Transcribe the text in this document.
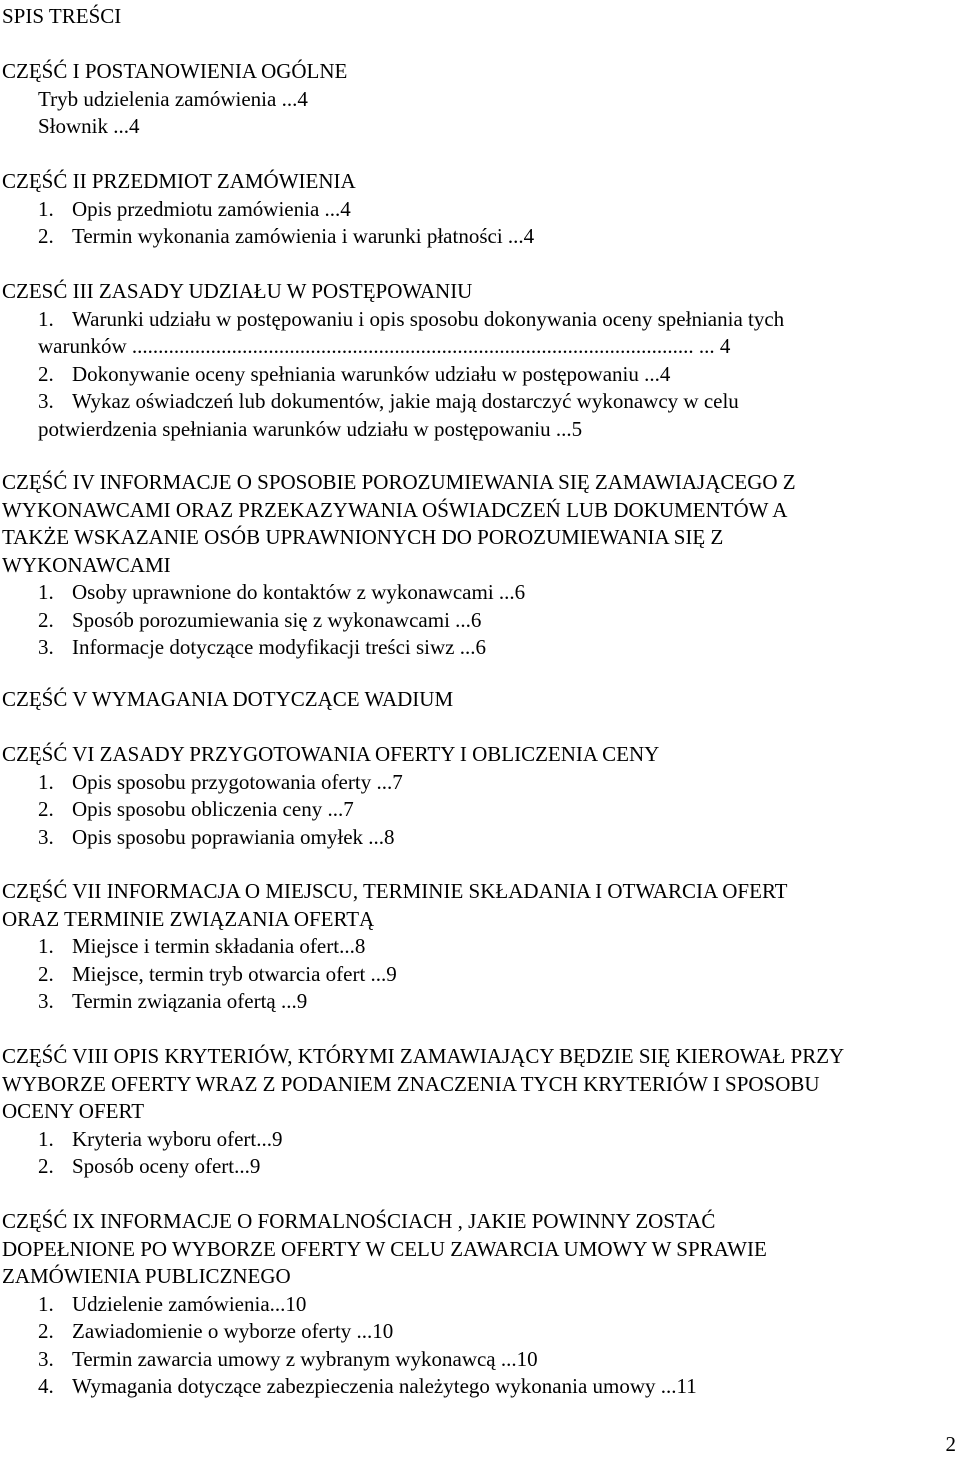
SPIS TREŚCI
CZĘŚĆ I POSTANOWIENIA OGÓLNE
Tryb udzielenia zamówienia ...4
Słownik ...4
CZĘŚĆ II PRZEDMIOT ZAMÓWIENIA
1. Opis przedmiotu zamówienia ...4
2. Termin wykonania zamówienia i warunki płatności ...4
CZESĆ III ZASADY UDZIAŁU W POSTĘPOWANIU
1. Warunki udziału w postępowaniu i opis sposobu dokonywania oceny spełniania tych
warunków ........................................................................................................... ... 4
2. Dokonywanie oceny spełniania warunków udziału w postępowaniu ...4
3. Wykaz oświadczeń lub dokumentów, jakie mają dostarczyć wykonawcy w celu
potwierdzenia spełniania warunków udziału w postępowaniu ...5
CZĘŚĆ IV INFORMACJE O SPOSOBIE POROZUMIEWANIA SIĘ ZAMAWIAJĄCEGO Z
WYKONAWCAMI ORAZ PRZEKAZYWANIA OŚWIADCZEŃ LUB DOKUMENTÓW A
TAKŻE WSKAZANIE OSÓB UPRAWNIONYCH DO POROZUMIEWANIA SIĘ Z
WYKONAWCAMI
1. Osoby uprawnione do kontaktów z wykonawcami ...6
2. Sposób porozumiewania się z wykonawcami ...6
3. Informacje dotyczące modyfikacji treści siwz ...6
CZĘŚĆ V WYMAGANIA DOTYCZĄCE WADIUM
CZĘŚĆ VI ZASADY PRZYGOTOWANIA OFERTY I OBLICZENIA CENY
1. Opis sposobu przygotowania oferty ...7
2. Opis sposobu obliczenia ceny ...7
3. Opis sposobu poprawiania omyłek ...8
CZĘŚĆ VII INFORMACJA O MIEJSCU, TERMINIE SKŁADANIA I OTWARCIA OFERT
ORAZ TERMINIE ZWIĄZANIA OFERTĄ
1. Miejsce i termin składania ofert...8
2. Miejsce, termin tryb otwarcia ofert ...9
3. Termin związania ofertą ...9
CZĘŚĆ VIII OPIS KRYTERIÓW, KTÓRYMI ZAMAWIAJĄCY BĘDZIE SIĘ KIEROWAŁ PRZY
WYBORZE OFERTY WRAZ Z PODANIEM ZNACZENIA TYCH KRYTERIÓW I SPOSOBU
OCENY OFERT
1. Kryteria wyboru ofert...9
2. Sposób oceny ofert...9
CZĘŚĆ IX INFORMACJE O FORMALNOŚCIACH , JAKIE POWINNY ZOSTAĆ
DOPEŁNIONE PO WYBORZE OFERTY W CELU ZAWARCIA UMOWY W SPRAWIE
ZAMÓWIENIA PUBLICZNEGO
1. Udzielenie zamówienia...10
2. Zawiadomienie o wyborze oferty ...10
3. Termin zawarcia umowy z wybranym wykonawcą ...10
4. Wymagania dotyczące zabezpieczenia należytego wykonania umowy ...11
2
